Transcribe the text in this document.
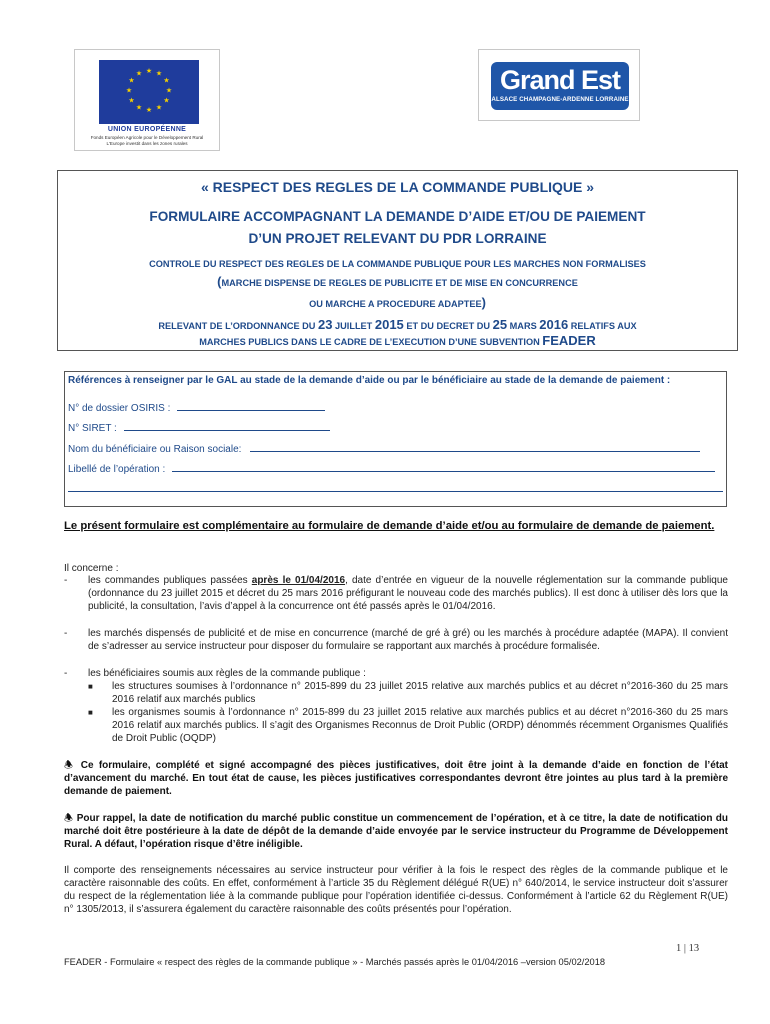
★ ★
★
★
★
★
★
★
★
★
★
★
UNION EUROPÉENNE
Fonds Européen Agricole pour le Développement Rural
L'Europe investit dans les zones rurales
Grand Est
ALSACE CHAMPAGNE-ARDENNE LORRAINE
« RESPECT DES REGLES DE LA COMMANDE PUBLIQUE »
FORMULAIRE ACCOMPAGNANT LA DEMANDE D’AIDE ET/OU DE PAIEMENT
D’UN PROJET RELEVANT DU PDR LORRAINE
CONTROLE DU RESPECT DES REGLES DE LA COMMANDE PUBLIQUE POUR LES MARCHES NON FORMALISES
(MARCHE DISPENSE DE REGLES DE PUBLICITE ET DE MISE EN CONCURRENCE
OU MARCHE A PROCEDURE ADAPTEE)
RELEVANT DE L’ORDONNANCE DU 23 JUILLET 2015 ET DU DECRET DU 25 MARS 2016 RELATIFS AUX
MARCHES PUBLICS DANS LE CADRE DE L’EXECUTION D’UNE SUBVENTION FEADER
Références à renseigner par le GAL au stade de la demande d’aide ou par le bénéficiaire au stade de la demande de paiement :
N° de dossier OSIRIS :
N° SIRET :
Nom du bénéficiaire ou Raison sociale:
Libellé de l’opération :
Le présent formulaire est complémentaire au formulaire de demande d’aide et/ou au formulaire de demande de paiement.
Il concerne :
- les commandes publiques passées après le 01/04/2016, date d’entrée en vigueur de la nouvelle réglementation sur la commande publique (ordonnance du 23 juillet 2015 et décret du 25 mars 2016 préfigurant le nouveau code des marchés publics). Il est donc à utiliser dès lors que la publicité, la consultation, l’avis d’appel à la concurrence ont été passés après le 01/04/2016.
- les marchés dispensés de publicité et de mise en concurrence (marché de gré à gré) ou les marchés à procédure adaptée (MAPA). Il convient de s’adresser au service instructeur pour disposer du formulaire se rapportant aux marchés à procédure formalisée.
- les bénéficiaires soumis aux règles de la commande publique :
■ les structures soumises à l’ordonnance n° 2015-899 du 23 juillet 2015 relative aux marchés publics et au décret n°2016-360 du 25 mars 2016 relatif aux marchés publics
■ les organismes soumis à l’ordonnance n° 2015-899 du 23 juillet 2015 relative aux marchés publics et au décret n°2016-360 du 25 mars 2016 relatif aux marchés publics. Il s’agit des Organismes Reconnus de Droit Public (ORDP) dénommés récemment Organismes Qualifiés de Droit Public (OQDP)
🕭 Ce formulaire, complété et signé accompagné des pièces justificatives, doit être joint à la demande d’aide en fonction de l’état d’avancement du marché. En tout état de cause, les pièces justificatives correspondantes devront être jointes au plus tard à la première demande de paiement.
🕭 Pour rappel, la date de notification du marché public constitue un commencement de l’opération, et à ce titre, la date de notification du marché doit être postérieure à la date de dépôt de la demande d’aide envoyée par le service instructeur du Programme de Développement Rural. A défaut, l’opération risque d’être inéligible.
Il comporte des renseignements nécessaires au service instructeur pour vérifier à la fois le respect des règles de la commande publique et le caractère raisonnable des coûts. En effet, conformément à l’article 35 du Règlement délégué R(UE) n° 640/2014, le service instructeur doit s’assurer du respect de la réglementation liée à la commande publique pour l’opération identifiée ci-dessus. Conformément à l’article 62 du Règlement R(UE) n° 1305/2013, il s’assurera également du caractère raisonnable des coûts présentés pour l’opération.
1 | 13
FEADER - Formulaire « respect des règles de la commande publique » - Marchés passés après le 01/04/2016 –version 05/02/2018
